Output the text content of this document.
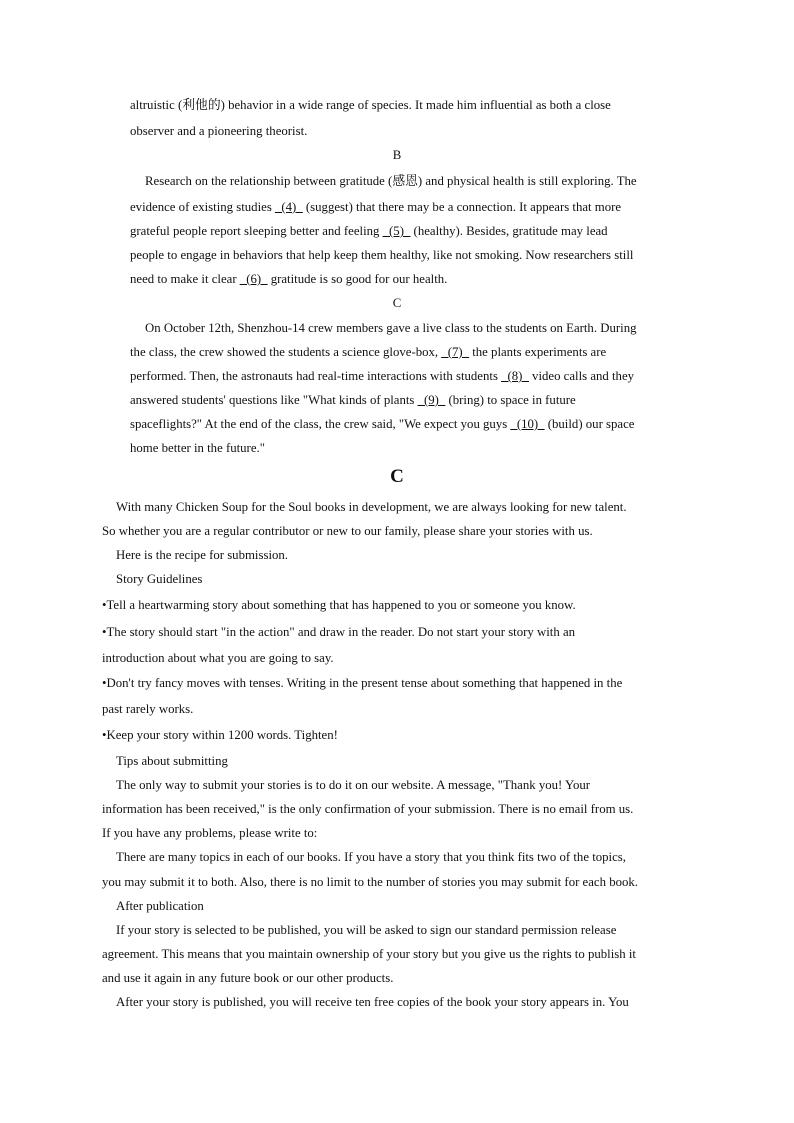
altruistic (利他的) behavior in a wide range of species. It made him influential as both a close
observer and a pioneering theorist.
B
Research on the relationship between gratitude (感恩) and physical health is still exploring. The
evidence of existing studies _(4)_ (suggest) that there may be a connection. It appears that more
grateful people report sleeping better and feeling _(5)_ (healthy). Besides, gratitude may lead
people to engage in behaviors that help keep them healthy, like not smoking. Now researchers still
need to make it clear _(6)_ gratitude is so good for our health.
C
On October 12th, Shenzhou-14 crew members gave a live class to the students on Earth. During
the class, the crew showed the students a science glove-box, _(7)_ the plants experiments are
performed. Then, the astronauts had real-time interactions with students _(8)_ video calls and they
answered students' questions like "What kinds of plants _(9)_ (bring) to space in future
spaceflights?" At the end of the class, the crew said, "We expect you guys _(10)_ (build) our space
home better in the future."
C
With many Chicken Soup for the Soul books in development, we are always looking for new talent.
So whether you are a regular contributor or new to our family, please share your stories with us.
Here is the recipe for submission.
Story Guidelines
•Tell a heartwarming story about something that has happened to you or someone you know.
•The story should start "in the action" and draw in the reader. Do not start your story with an
introduction about what you are going to say.
•Don't try fancy moves with tenses. Writing in the present tense about something that happened in the
past rarely works.
•Keep your story within 1200 words. Tighten!
Tips about submitting
The only way to submit your stories is to do it on our website. A message, "Thank you! Your
information has been received," is the only confirmation of your submission. There is no email from us.
If you have any problems, please write to:
There are many topics in each of our books. If you have a story that you think fits two of the topics,
you may submit it to both. Also, there is no limit to the number of stories you may submit for each book.
After publication
If your story is selected to be published, you will be asked to sign our standard permission release
agreement. This means that you maintain ownership of your story but you give us the rights to publish it
and use it again in any future book or our other products.
After your story is published, you will receive ten free copies of the book your story appears in. You
